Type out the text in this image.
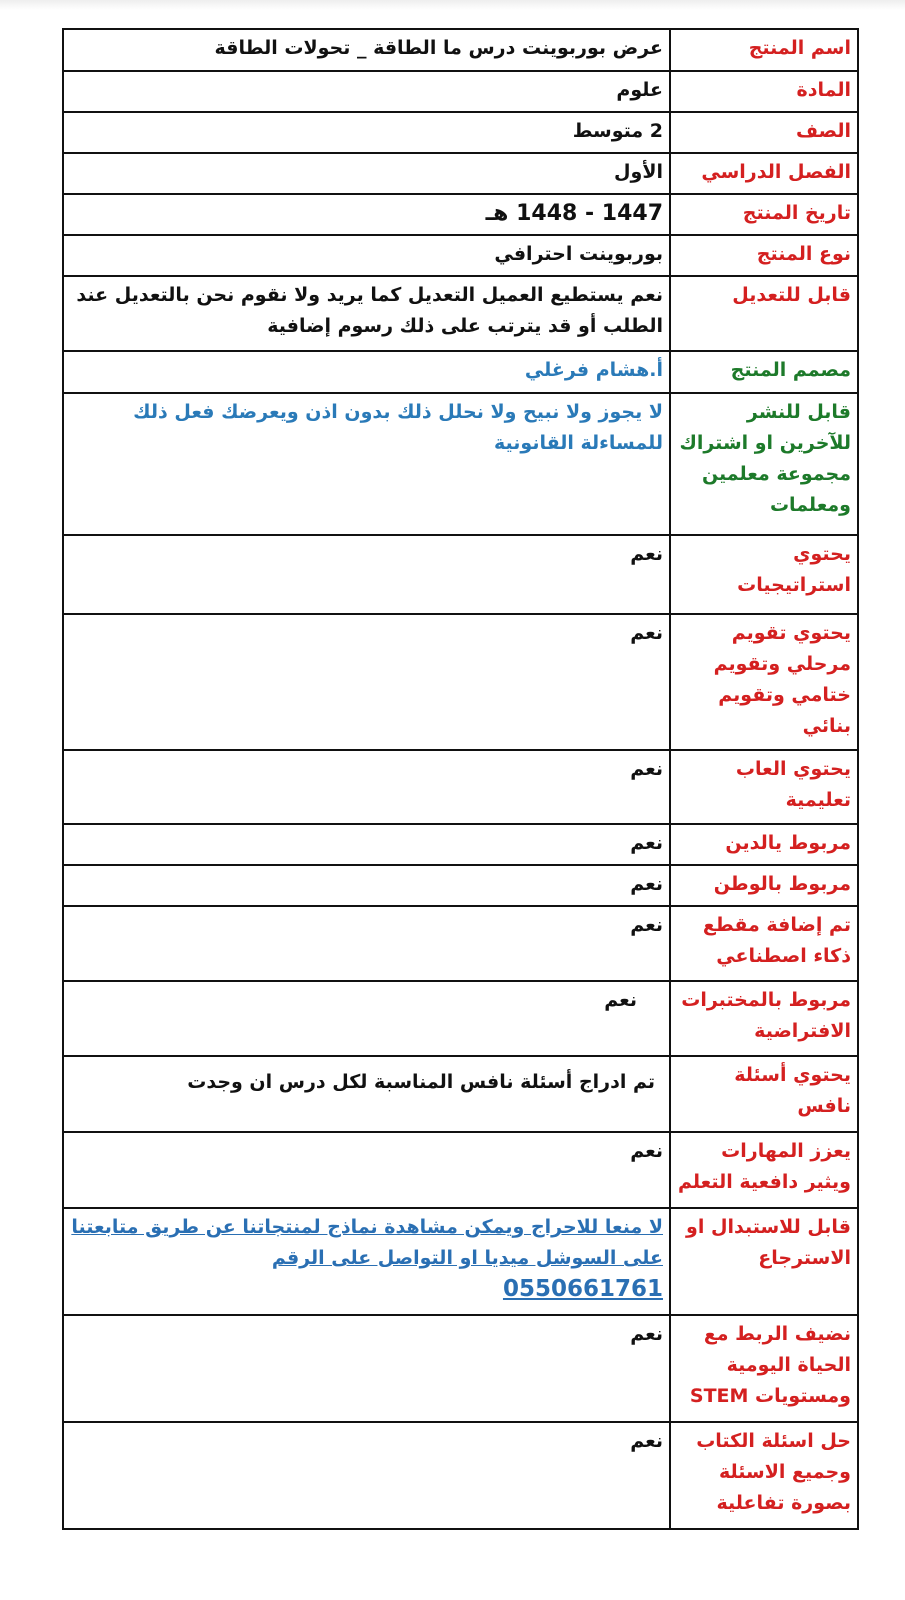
اسم المنتج	عرض بوربوينت درس ما الطاقة _ تحولات الطاقة
المادة	علوم
الصف	2 متوسط
الفصل الدراسي	الأول
تاريخ المنتج	1447 - 1448 هـ
نوع المنتج	بوربوينت احترافي
قابل للتعديل	نعم يستطيع العميل التعديل كما يريد ولا نقوم نحن بالتعديل عند الطلب أو قد يترتب على ذلك رسوم إضافية
مصمم المنتج	أ.هشام فرغلي
قابل للنشر للآخرين او اشتراك مجموعة معلمين ومعلمات	لا يجوز ولا نبيح ولا نحلل ذلك بدون اذن ويعرضك فعل ذلك للمساءلة القانونية
يحتوي استراتيجيات	نعم
يحتوي تقويم مرحلي وتقويم ختامي وتقويم بنائي	نعم
يحتوي العاب تعليمية	نعم
مربوط يالدين	نعم
مربوط بالوطن	نعم
تم إضافة مقطع ذكاء اصطناعي	نعم
مربوط بالمختبرات الافتراضية	نعم
يحتوي أسئلة نافس	تم ادراج أسئلة نافس المناسبة لكل درس ان وجدت
يعزز المهارات ويثير دافعية التعلم	نعم
قابل للاستبدال او الاسترجاع	لا منعا للاحراج ويمكن مشاهدة نماذج لمنتجاتنا عن طريق متابعتنا على السوشل ميديا او التواصل على الرقم
0550661761
نضيف الربط مع الحياة اليومية ومستويات STEM	نعم
حل اسئلة الكتاب وجميع الاسئلة بصورة تفاعلية	نعم
